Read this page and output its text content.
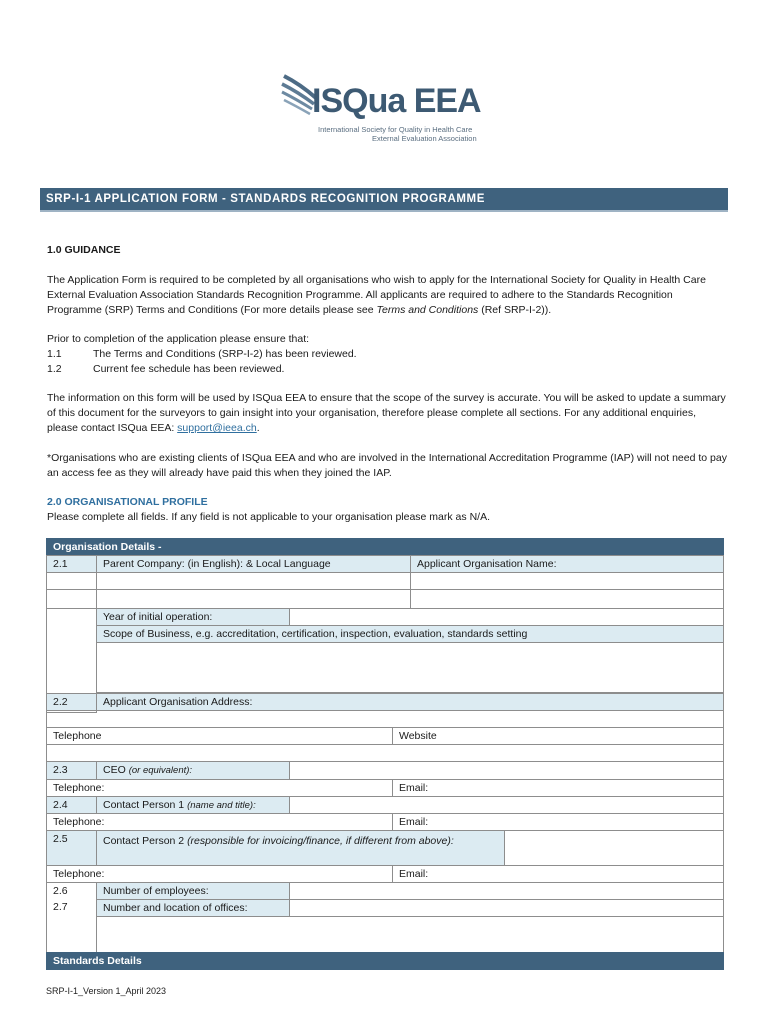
ISQua EEA
International Society for Quality in Health Care
External Evaluation Association
SRP-I-1 APPLICATION FORM - STANDARDS RECOGNITION PROGRAMME
1.0 GUIDANCE
The Application Form is required to be completed by all organisations who wish to apply for the International Society for Quality in Health Care External Evaluation Association Standards Recognition Programme. All applicants are required to adhere to the Standards Recognition Programme (SRP) Terms and Conditions (For more details please see Terms and Conditions (Ref SRP-I-2)).
Prior to completion of the application please ensure that:
1.1	The Terms and Conditions (SRP-I-2) has been reviewed.
1.2	Current fee schedule has been reviewed.
The information on this form will be used by ISQua EEA to ensure that the scope of the survey is accurate. You will be asked to update a summary of this document for the surveyors to gain insight into your organisation, therefore please complete all sections. For any additional enquiries, please contact ISQua EEA: support@ieea.ch.
*Organisations who are existing clients of ISQua EEA and who are involved in the International Accreditation Programme (IAP) will not need to pay an access fee as they will already have paid this when they joined the IAP.
2.0 ORGANISATIONAL PROFILE
Please complete all fields. If any field is not applicable to your organisation please mark as N/A.
Organisation Details -
2.1	Parent Company: (in English): & Local Language	Applicant Organisation Name:
Year of initial operation:
Scope of Business, e.g. accreditation, certification, inspection, evaluation, standards setting
2.2	Applicant Organisation Address:
Telephone	Website
2.3	CEO (or equivalent):
Telephone:	Email:
2.4	Contact Person 1 (name and title):
Telephone:	Email:
2.5	Contact Person 2 (responsible for invoicing/finance, if different from above):
Telephone:	Email:
2.6	Number of employees:
2.7	Number and location of offices:
Standards Details
SRP-I-1_Version 1_April 2023
